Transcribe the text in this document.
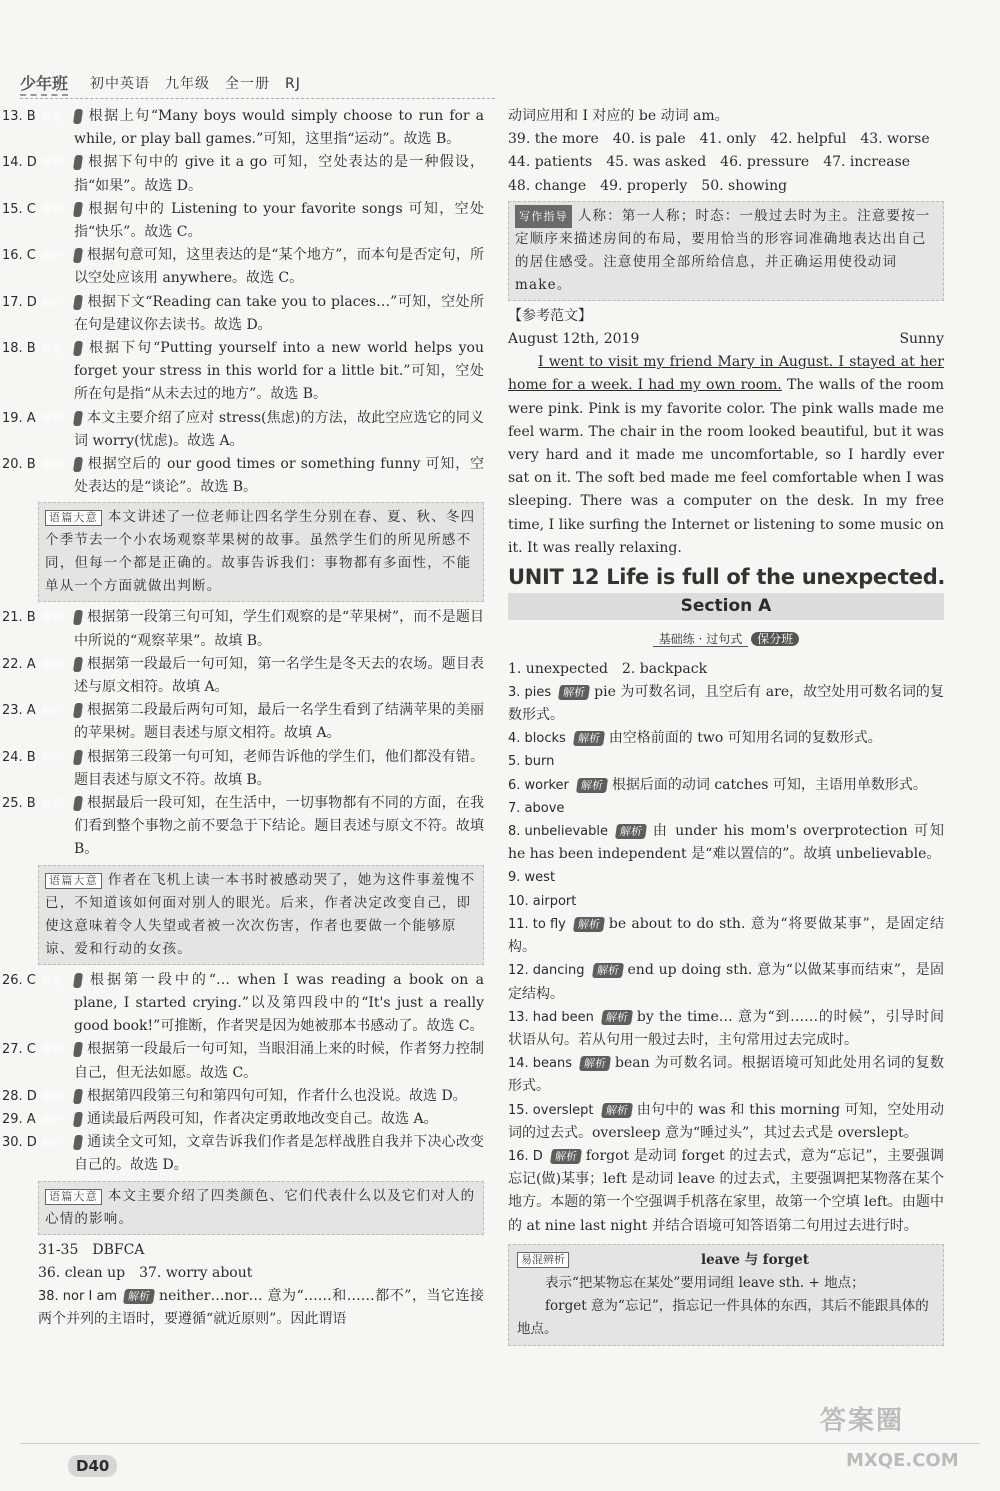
少年班 初中英语　九年级　全一册　RJ

13. B 解析 根据上句“Many boys would simply choose to run for a while, or play ball games.”可知，这里指“运动”。故选 B。

14. D 解析 根据下句中的 give it a go 可知，空处表达的是一种假设，指“如果”。故选 D。

15. C 解析 根据句中的 Listening to your favorite songs 可知，空处指“快乐”。故选 C。

16. C 解析 根据句意可知，这里表达的是“某个地方”，而本句是否定句，所以空处应该用 anywhere。故选 C。

17. D 解析 根据下文“Reading can take you to places…”可知，空处所在句是建议你去读书。故选 D。

18. B 解析 根据下句“Putting yourself into a new world helps you forget your stress in this world for a little bit.”可知，空处所在句是指“从未去过的地方”。故选 B。

19. A 解析 本文主要介绍了应对 stress(焦虑)的方法，故此空应选它的同义词 worry(忧虑)。故选 A。

20. B 解析 根据空后的 our good times or something funny 可知，空处表达的是“谈论”。故选 B。

语篇大意 本文讲述了一位老师让四名学生分别在春、夏、秋、冬四个季节去一个小农场观察苹果树的故事。虽然学生们的所见所感不同，但每一个都是正确的。故事告诉我们：事物都有多面性，不能单从一个方面就做出判断。

21. B 解析 根据第一段第三句可知，学生们观察的是“苹果树”，而不是题目中所说的“观察苹果”。故填 B。

22. A 解析 根据第一段最后一句可知，第一名学生是冬天去的农场。题目表述与原文相符。故填 A。

23. A 解析 根据第二段最后两句可知，最后一名学生看到了结满苹果的美丽的苹果树。题目表述与原文相符。故填 A。

24. B 解析 根据第三段第一句可知，老师告诉他的学生们，他们都没有错。题目表述与原文不符。故填 B。

25. B 解析 根据最后一段可知，在生活中，一切事物都有不同的方面，在我们看到整个事物之前不要急于下结论。题目表述与原文不符。故填 B。

语篇大意 作者在飞机上读一本书时被感动哭了，她为这件事羞愧不已，不知道该如何面对别人的眼光。后来，作者决定改变自己，即使这意味着令人失望或者被一次次伤害，作者也要做一个能够原谅、爱和行动的女孩。

26. C 解析 根据第一段中的“… when I was reading a book on a plane, I started crying.”以及第四段中的“It's just a really good book!”可推断，作者哭是因为她被那本书感动了。故选 C。

27. C 解析 根据第一段最后一句可知，当眼泪涌上来的时候，作者努力控制自己，但无法如愿。故选 C。

28. D 解析 根据第四段第三句和第四句可知，作者什么也没说。故选 D。

29. A 解析 通读最后两段可知，作者决定勇敢地改变自己。故选 A。

30. D 解析 通读全文可知，文章告诉我们作者是怎样战胜自我并下决心改变自己的。故选 D。

语篇大意 本文主要介绍了四类颜色、它们代表什么以及它们对人的心情的影响。

31-35　DBFCA

36. clean up　37. worry about

38. nor I am 解析 neither…nor… 意为“……和……都不”，当它连接两个并列的主语时，要遵循“就近原则”。因此谓语

动词应用和 I 对应的 be 动词 am。

39. the more　40. is pale　41. only　42. helpful　43. worse

44. patients　45. was asked　46. pressure　47. increase

48. change　49. properly　50. showing

写作指导 人称：第一人称；时态：一般过去时为主。注意要按一定顺序来描述房间的布局，要用恰当的形容词准确地表达出自己的居住感受。注意使用全部所给信息，并正确运用使役动词 make。

【参考范文】

August 12th, 2019	Sunny

I went to visit my friend Mary in August. I stayed at her home for a week. I had my own room. The walls of the room were pink. Pink is my favorite color. The pink walls made me feel warm. The chair in the room looked beautiful, but it was very hard and it made me uncomfortable, so I hardly ever sat on it. The soft bed made me feel comfortable when I was sleeping. There was a computer on the desk. In my free time, I like surfing the Internet or listening to some music on it. It was really relaxing.

UNIT 12 Life is full of the unexpected.
Section A
基础练 · 过句式 保分班

1. unexpected　2. backpack

3. pies 解析 pie 为可数名词，且空后有 are，故空处用可数名词的复数形式。

4. blocks 解析 由空格前面的 two 可知用名词的复数形式。

5. burn

6. worker 解析 根据后面的动词 catches 可知，主语用单数形式。

7. above

8. unbelievable 解析 由 under his mom's overprotection 可知 he has been independent 是“难以置信的”。故填 unbelievable。

9. west

10. airport

11. to fly 解析 be about to do sth. 意为“将要做某事”，是固定结构。

12. dancing 解析 end up doing sth. 意为“以做某事而结束”，是固定结构。

13. had been 解析 by the time… 意为“到……的时候”，引导时间状语从句。若从句用一般过去时，主句常用过去完成时。

14. beans 解析 bean 为可数名词。根据语境可知此处用名词的复数形式。

15. overslept 解析 由句中的 was 和 this morning 可知，空处用动词的过去式。oversleep 意为“睡过头”，其过去式是 overslept。

16. D 解析 forgot 是动词 forget 的过去式，意为“忘记”，主要强调忘记(做)某事；left 是动词 leave 的过去式，主要强调把某物落在某个地方。本题的第一个空强调手机落在家里，故第一个空填 left。由题中的 at nine last night 并结合语境可知答语第二句用过去进行时。

易混辨析	leave 与 forget

表示“把某物忘在某处”要用词组 leave sth. + 地点；

forget 意为“忘记”，指忘记一件具体的东西，其后不能跟具体的地点。

D40
答案圈
MXQE.COM
